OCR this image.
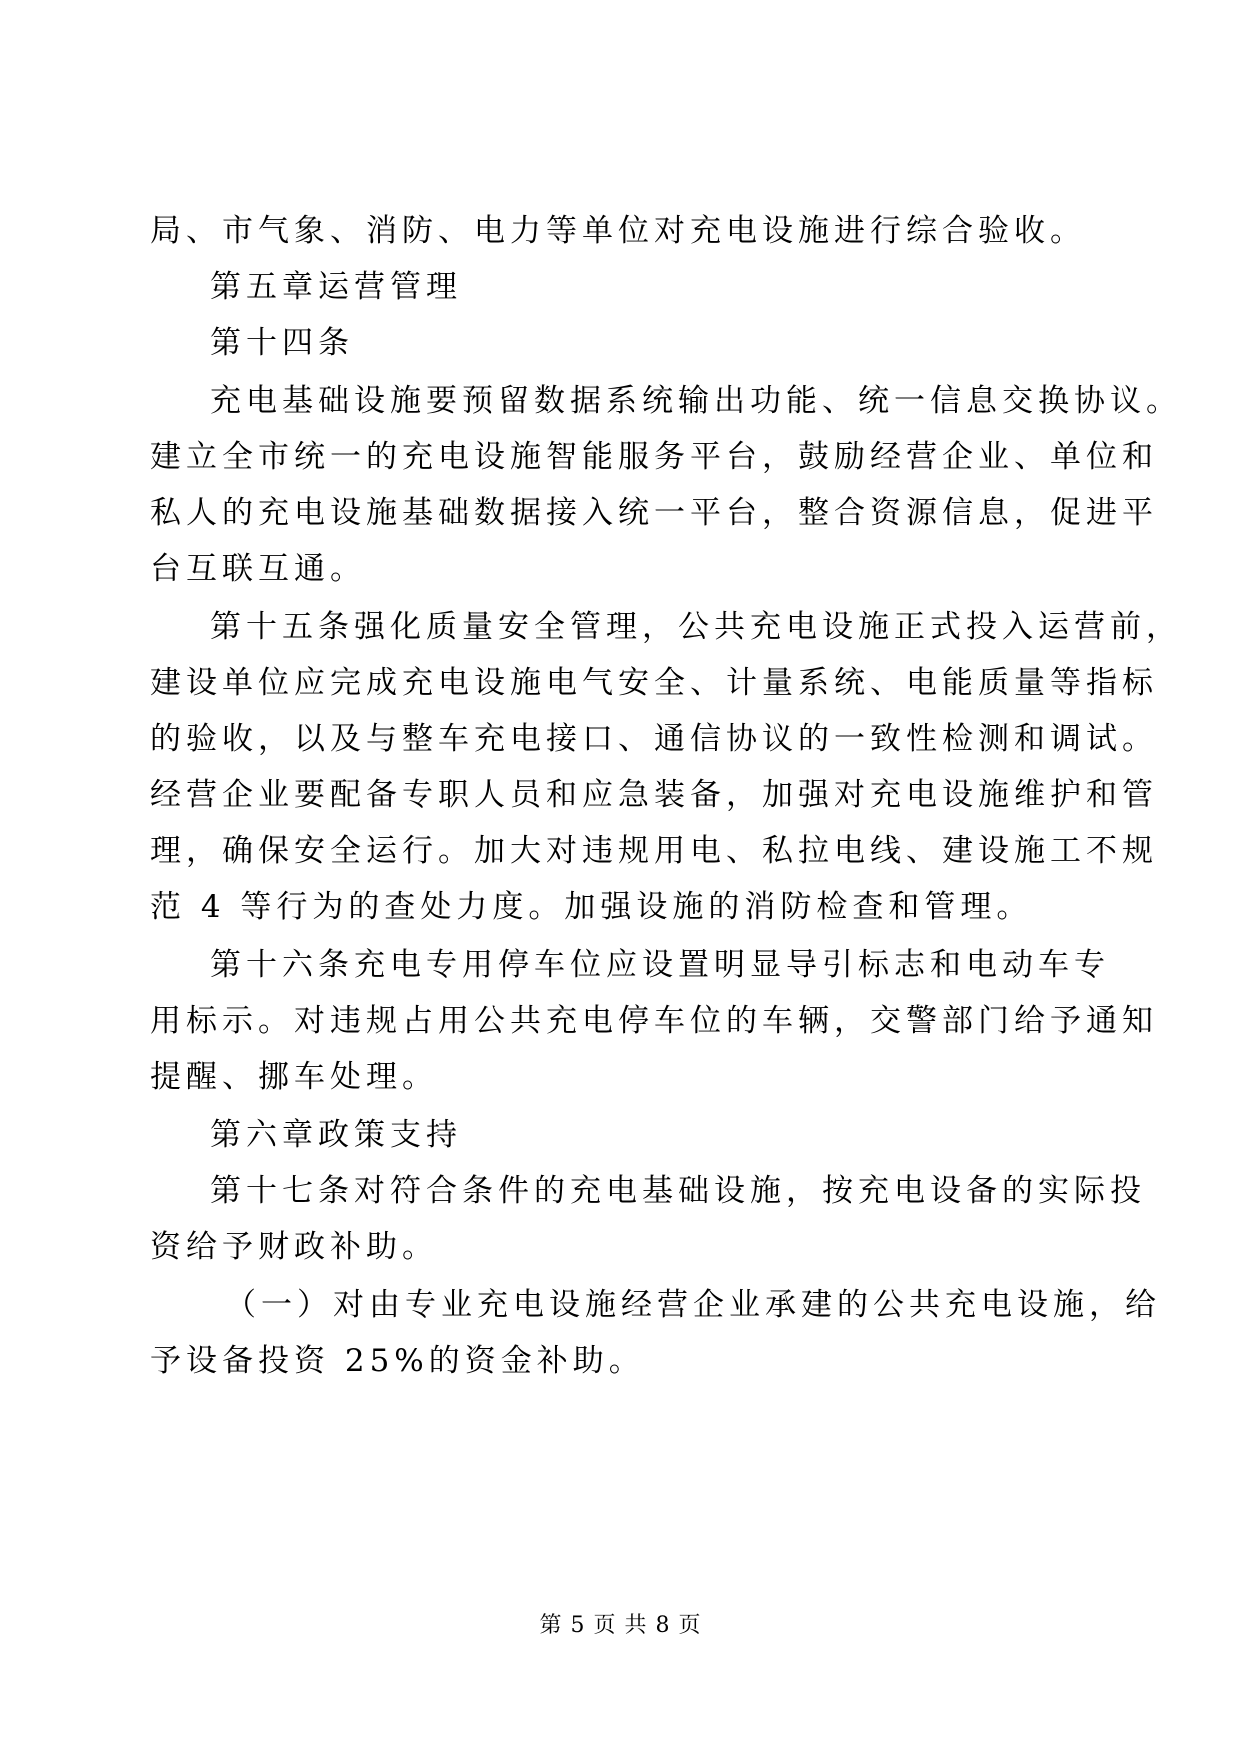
局、市气象、消防、电力等单位对充电设施进行综合验收。
第五章运营管理
第十四条
充电基础设施要预留数据系统输出功能、统一信息交换协议。
建立全市统一的充电设施智能服务平台，鼓励经营企业、单位和
私人的充电设施基础数据接入统一平台，整合资源信息，促进平
台互联互通。
第十五条强化质量安全管理，公共充电设施正式投入运营前，
建设单位应完成充电设施电气安全、计量系统、电能质量等指标
的验收，以及与整车充电接口、通信协议的一致性检测和调试。
经营企业要配备专职人员和应急装备，加强对充电设施维护和管
理，确保安全运行。加大对违规用电、私拉电线、建设施工不规
范 4 等行为的查处力度。加强设施的消防检查和管理。
第十六条充电专用停车位应设置明显导引标志和电动车专
用标示。对违规占用公共充电停车位的车辆，交警部门给予通知
提醒、挪车处理。
第六章政策支持
第十七条对符合条件的充电基础设施，按充电设备的实际投
资给予财政补助。
（一）对由专业充电设施经营企业承建的公共充电设施，给
予设备投资 25%的资金补助。
第 5 页 共 8 页
